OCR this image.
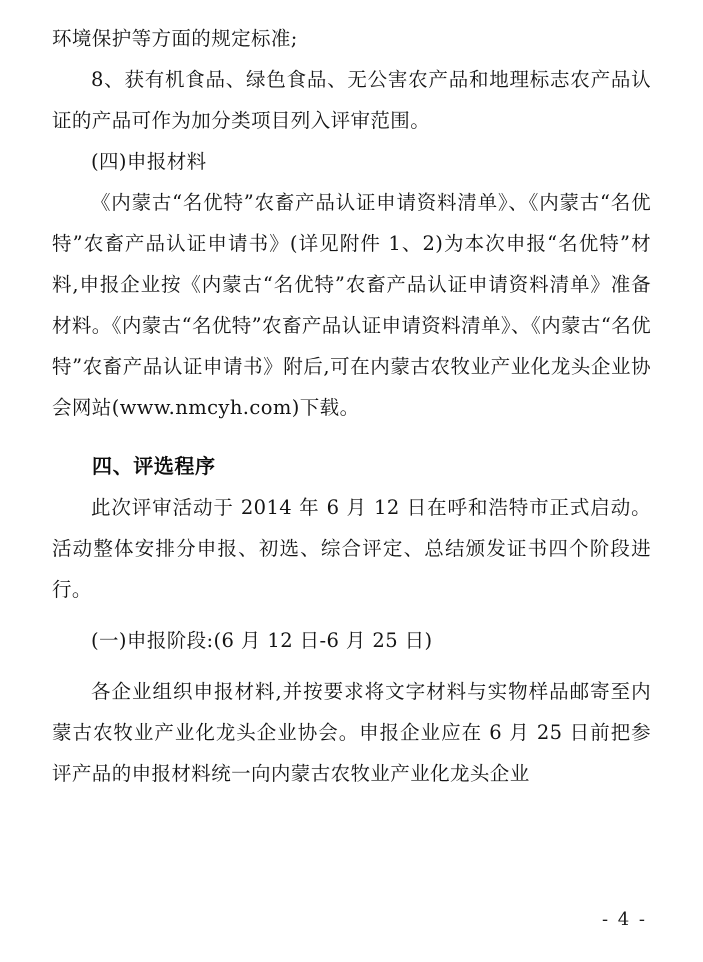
环境保护等方面的规定标准;

8、获有机食品、绿色食品、无公害农产品和地理标志农产品认证的产品可作为加分类项目列入评审范围。

(四)申报材料

《内蒙古“名优特”农畜产品认证申请资料清单》、《内蒙古“名优特”农畜产品认证申请书》(详见附件 1、2)为本次申报“名优特”材料,申报企业按《内蒙古“名优特”农畜产品认证申请资料清单》准备材料。《内蒙古“名优特”农畜产品认证申请资料清单》、《内蒙古“名优特”农畜产品认证申请书》附后,可在内蒙古农牧业产业化龙头企业协会网站(www.nmcyh.com)下载。

四、评选程序

此次评审活动于 2014 年 6 月 12 日在呼和浩特市正式启动。活动整体安排分申报、初选、综合评定、总结颁发证书四个阶段进行。

(一)申报阶段:(6 月 12 日-6 月 25 日)

各企业组织申报材料,并按要求将文字材料与实物样品邮寄至内蒙古农牧业产业化龙头企业协会。申报企业应在 6 月 25 日前把参评产品的申报材料统一向内蒙古农牧业产业化龙头企业

- 4 -
